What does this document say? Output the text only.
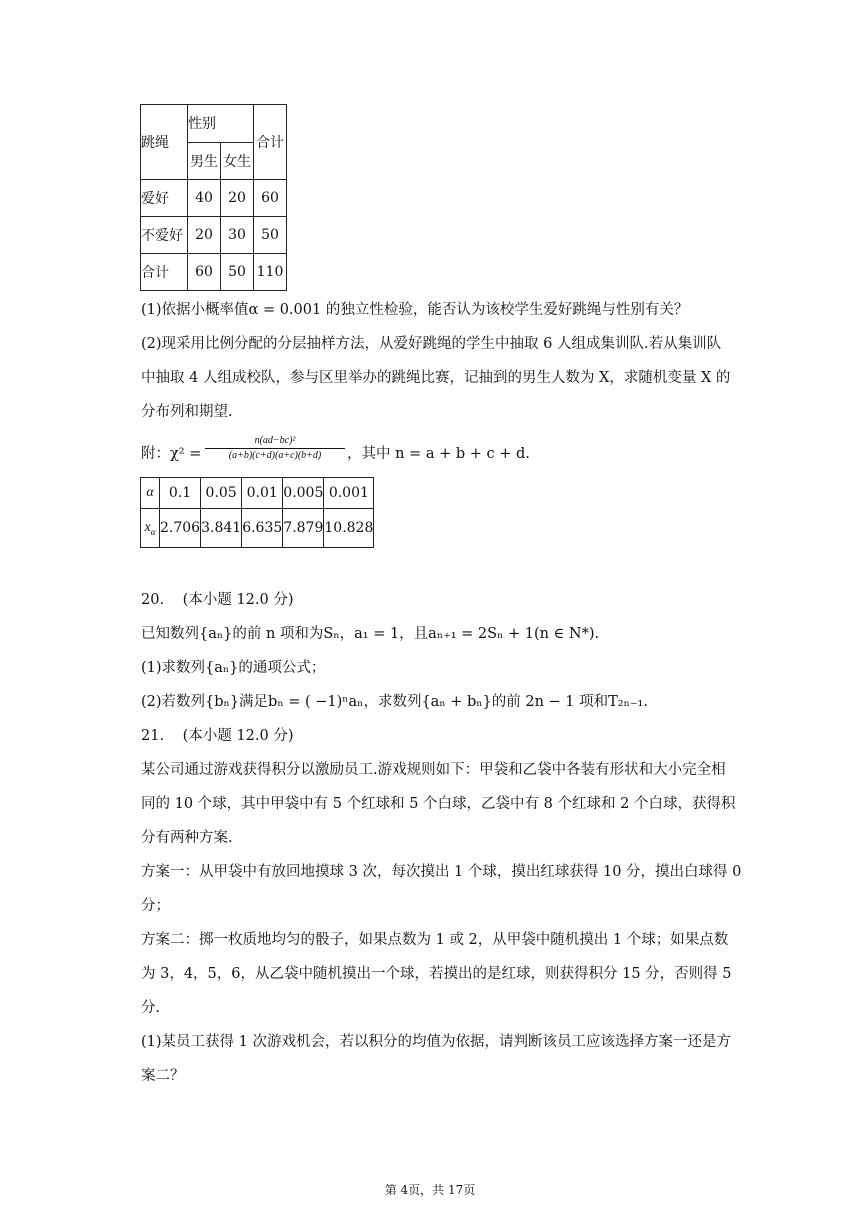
跳绳	性别		合计
	男生	女生	
爱好	40	20	60
不爱好	20	30	50
合计	60	50	110
(1)依据小概率值α = 0.001 的独立性检验，能否认为该校学生爱好跳绳与性别有关？
(2)现采用比例分配的分层抽样方法，从爱好跳绳的学生中抽取 6 人组成集训队.若从集训队
中抽取 4 人组成校队，参与区里举办的跳绳比赛，记抽到的男生人数为 X，求随机变量 X 的
分布列和期望.
附：$\chi^2 = \frac{\text{n(ad−bc)²}}{(a+b)(c+d)(a+c)(b+d)}$ ，其中 n = a + b + c + d.
α	0.1	0.05	0.01	0.005	0.001
$x_\alpha$	2.706	3.841	6.635	7.879	10.828
20. (本小题 12.0 分)
已知数列{aₙ}的前 n 项和为Sₙ，a₁ = 1，且aₙ₊₁ = 2Sₙ + 1(n ∈ N*).
(1)求数列{aₙ}的通项公式；
(2)若数列{bₙ}满足bₙ = ( −1)ⁿaₙ，求数列{aₙ + bₙ}的前 2n − 1 项和T₂ₙ₋₁.
21. (本小题 12.0 分)
某公司通过游戏获得积分以激励员工.游戏规则如下：甲袋和乙袋中各装有形状和大小完全相
同的 10 个球，其中甲袋中有 5 个红球和 5 个白球，乙袋中有 8 个红球和 2 个白球，获得积
分有两种方案.
方案一：从甲袋中有放回地摸球 3 次，每次摸出 1 个球，摸出红球获得 10 分，摸出白球得 0
分；
方案二：掷一枚质地均匀的骰子，如果点数为 1 或 2，从甲袋中随机摸出 1 个球；如果点数
为 3，4，5，6，从乙袋中随机摸出一个球，若摸出的是红球，则获得积分 15 分，否则得 5
分.
(1)某员工获得 1 次游戏机会，若以积分的均值为依据，请判断该员工应该选择方案一还是方
案二？
第 4页，共 17页
